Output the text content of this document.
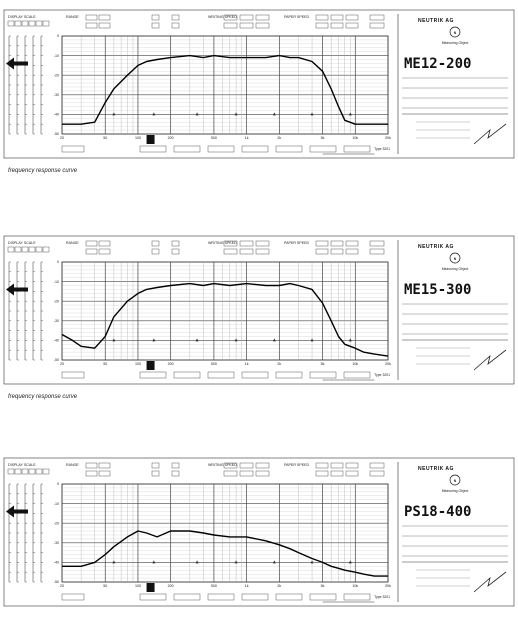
DISPLAY SCALE	RANGE	WRITING SPEED	PAPER SPEED
0
-10
-20
-30
-40
-50
20	50	100	200	500	1k	2k	5k	10k	20k
NEUTRIK AG
N
Measuring Object
ME12-200
Type 3201
frequency response curve
DISPLAY SCALE	RANGE	WRITING SPEED	PAPER SPEED
0
-10
-20
-30
-40
-50
20	50	100	200	500	1k	2k	5k	10k	20k
NEUTRIK AG
N
Measuring Object
ME15-300
Type 3201
frequency response curve
DISPLAY SCALE	RANGE	WRITING SPEED	PAPER SPEED
0
-10
-20
-30
-40
-50
20	50	100	200	500	1k	2k	5k	10k	20k
NEUTRIK AG
N
Measuring Object
PS18-400
Type 3201
